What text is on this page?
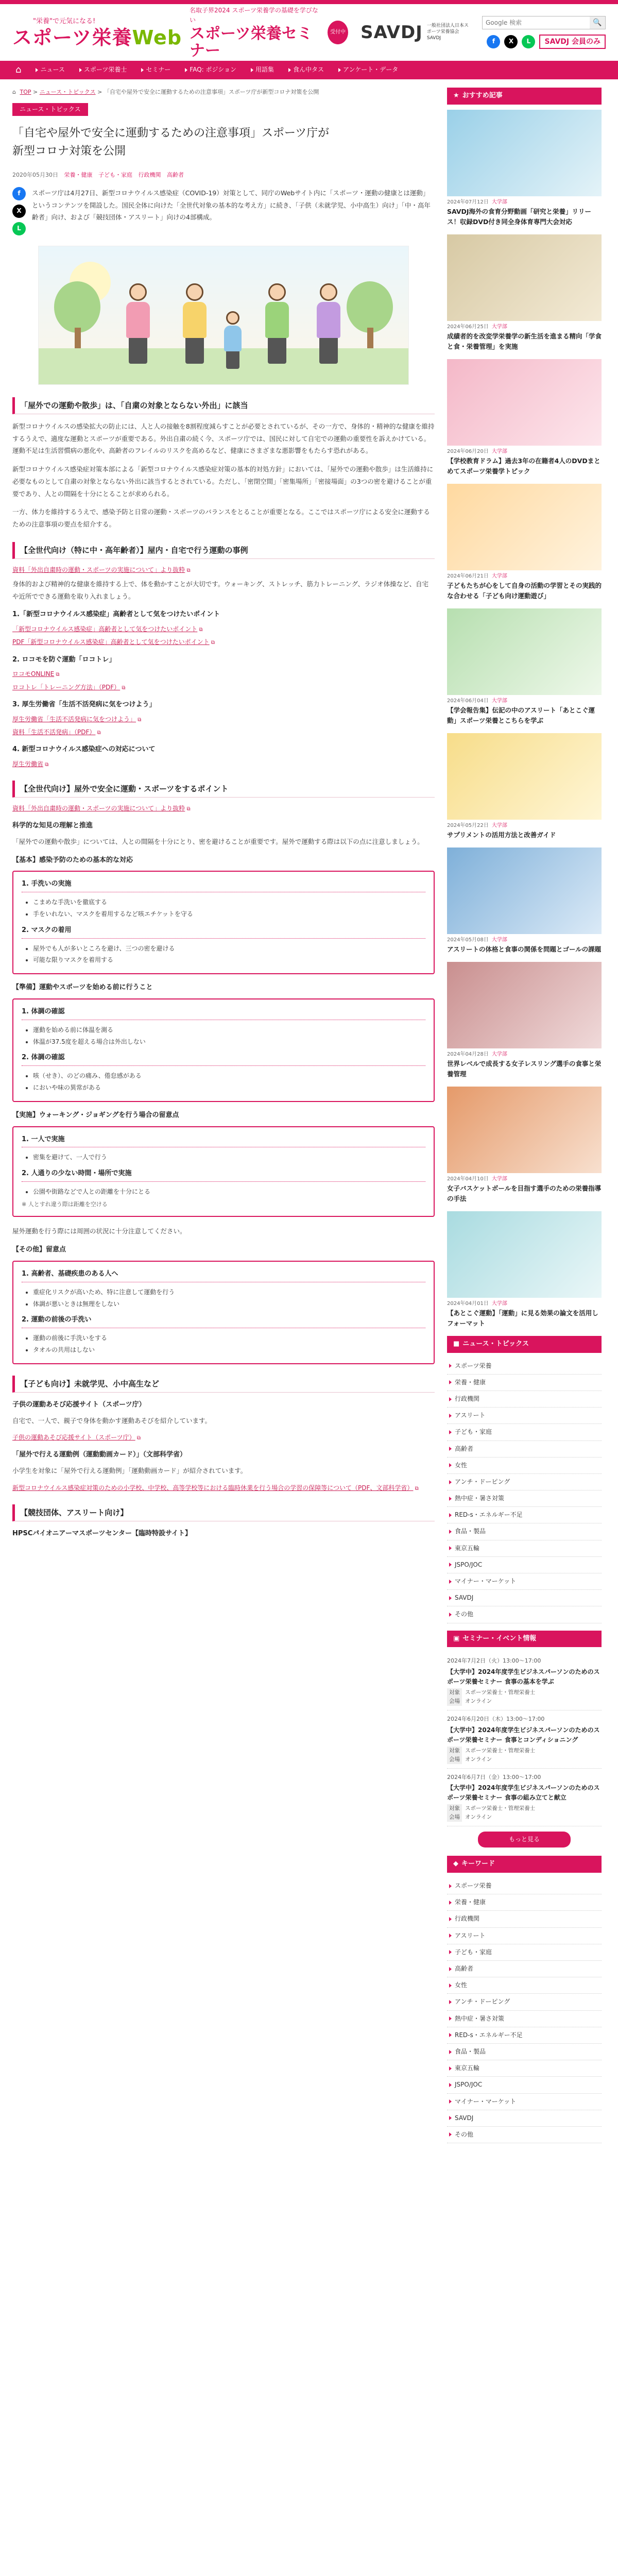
"栄養"で元気になる!
スポーツ栄養Web
名取子界2024 スポーツ栄養学の基礎を学びない
スポーツ栄養セミナー
受付中 SAVDJ 一般社団法人日本スポーツ栄養協会 SAVDJ
Google 検索
🔍
f	X	L	SAVDJ 会員のみ
⌂	ニュース	スポーツ栄養士	セミナー	FAQ: ポジション	用語集	食ん中タス	アンケート・データ
⌂ TOP > ニュース・トピックス > 「自宅や屋外で安全に運動するための注意事項」スポーツ庁が新型コロナ対策を公開
ニュース・トピックス
「自宅や屋外で安全に運動するための注意事項」スポーツ庁が
新型コロナ対策を公開
2020年05月30日 栄養・健康 子ども・家庭 行政機関 高齢者
f
X
L

スポーツ庁は4月27日、新型コロナウイルス感染症（COVID-19）対策として、同庁のWebサイト内に「スポーツ・運動の健康とは運動」というコンテンツを開設した。国民全体に向けた「全世代対象の基本的な考え方」に続き、「子供（未就学児、小中高生）向け」「中・高年齢者」向け、および「競技団体・アスリート」向けの4部構成。

「屋外での運動や散歩」は、「自粛の対象とならない外出」に該当

新型コロナウイルスの感染拡大の防止には、人と人の接触を8割程度減らすことが必要とされているが、その一方で、身体的・精神的な健康を維持するうえで、適度な運動とスポーツが重要である。外出自粛の続く今、スポーツ庁では、国民に対して自宅での運動の重要性を訴えかけている。運動不足は生活習慣病の悪化や、高齢者のフレイルのリスクを高めるなど、健康にさまざまな悪影響をもたらす恐れがある。

新型コロナウイルス感染症対策本部による「新型コロナウイルス感染症対策の基本的対処方針」においては、「屋外での運動や散歩」は生活維持に必要なものとして自粛の対象とならない外出に該当するとされている。ただし、「密閉空間」「密集場所」「密接場面」の3つの密を避けることが重要であり、人との間隔を十分にとることが求められる。

一方、体力を維持するうえで、感染予防と日常の運動・スポーツのバランスをとることが重要となる。ここではスポーツ庁による安全に運動するための注意事項の要点を紹介する。

【全世代向け（特に中・高年齢者）】屋内・自宅で行う運動の事例
資料「外出自粛時の運動・スポーツの実施について」より抜粋 ⧉

身体的および精神的な健康を維持する上で、体を動かすことが大切です。ウォーキング、ストレッチ、筋力トレーニング、ラジオ体操など、自宅や近所でできる運動を取り入れましょう。

1.「新型コロナウイルス感染症」高齢者として気をつけたいポイント
「新型コロナウイルス感染症」高齢者として気をつけたいポイント ⧉
PDF「新型コロナウイルス感染症」高齢者として気をつけたいポイント ⧉
2. ロコモを防ぐ運動「ロコトレ」
ロコモONLINE ⧉
ロコトレ「トレーニング方法」（PDF） ⧉
3. 厚生労働省「生活不活発病に気をつけよう」
厚生労働省「生活不活発病に気をつけよう」 ⧉
資料「生活不活発病」（PDF） ⧉
4. 新型コロナウイルス感染症への対応について
厚生労働省 ⧉
【全世代向け】屋外で安全に運動・スポーツをするポイント
資料「外出自粛時の運動・スポーツの実施について」より抜粋 ⧉
科学的な知見の理解と推進

「屋外での運動や散歩」については、人との間隔を十分にとり、密を避けることが重要です。屋外で運動する際は以下の点に注意しましょう。

【基本】感染予防のための基本的な対応
1. 手洗いの実施
• こまめな手洗いを徹底する
• 手をいれない、マスクを着用するなど咳エチケットを守る
2. マスクの着用
• 屋外でも人が多いところを避け、三つの密を避ける
• 可能な限りマスクを着用する
【準備】運動やスポーツを始める前に行うこと
1. 体調の確認
• 運動を始める前に体温を測る
• 体温が37.5度を超える場合は外出しない
2. 体調の確認
• 咳（せき）、のどの痛み、倦怠感がある
• においや味の異常がある
【実施】ウォーキング・ジョギングを行う場合の留意点
1. 一人で実施
• 密集を避けて、一人で行う
2. 人通りの少ない時間・場所で実施
• 公園や街路などで人との距離を十分にとる
※ 人とすれ違う際は距離を空ける

屋外運動を行う際には周囲の状況に十分注意してください。

【その他】留意点
1. 高齢者、基礎疾患のある人へ
• 重症化リスクが高いため、特に注意して運動を行う
• 体調が悪いときは無理をしない
2. 運動の前後の手洗い
• 運動の前後に手洗いをする
• タオルの共用はしない
【子ども向け】未就学児、小中高生など
子供の運動あそび応援サイト（スポーツ庁）

自宅で、一人で、親子で身体を動かす運動あそびを紹介しています。

子供の運動あそび応援サイト（スポーツ庁） ⧉
「屋外で行える運動例（運動動画カード）」（文部科学省）

小学生を対象に「屋外で行える運動例」「運動動画カード」が紹介されています。

新型コロナウイルス感染症対策のための小学校、中学校、高等学校等における臨時休業を行う場合の学習の保障等について（PDF、文部科学省） ⧉
【競技団体、アスリート向け】
HPSCパイオニアーマスポーツセンター【臨時特設サイト】
★ おすすめ記事
2024年07月12日 大学部
SAVDJ海外の食育分野動画「研究と栄養」リリース！収録DVD付き同全身体育専門大会対応
2024年06月25日 大学部
成績者的を改変学栄養学の新生活を進まる精向「学食と食・栄養管理」を実施
2024年06月20日 大学部
【学校教育ドラム】過去3年の在籍者4人のDVDまとめてスポーツ栄養学トピック
2024年06月21日 大学部
子どもたちが心をして自身の活動の学習とその実践的な合わせる「子ども向け運動遊び」
2024年06月04日 大学部
【学会報告集】伝記の中のアスリート「あとこぐ運動」スポーツ栄養とこちらを学ぶ
2024年05月22日 大学部
サプリメントの活用方法と改善ガイド
2024年05月08日 大学部
アスリートの体格と食事の関係を問題とゴールの課題
2024年04月28日 大学部
世界レベルで成長する女子レスリング選手の食事と栄養管理
2024年04月10日 大学部
女子バスケットボールを目指す選手のための栄養指導の手法
2024年04月01日 大学部
【あとこぐ運動】「運動」に見る効果の論文を活用しフォーマット
■ ニュース・トピックス
スポーツ栄養
栄養・健康
行政機関
アスリート
子ども・家庭
高齢者
女性
アンチ・ドーピング
熱中症・暑さ対策
RED-s・エネルギー不足
食品・製品
東京五輪
JSPO/JOC
マイナー・マーケット
SAVDJ
その他
▣ セミナー・イベント情報
2024年7月2日（火）13:00～17:00
【大学中】2024年度学生ビジネスパーソンのためのスポーツ栄養セミナー 食事の基本を学ぶ
対象 スポーツ栄養士・管理栄養士
会場 オンライン
2024年6月20日（木）13:00～17:00
【大学中】2024年度学生ビジネスパーソンのためのスポーツ栄養セミナー 食事とコンディショニング
対象 スポーツ栄養士・管理栄養士
会場 オンライン
2024年6月7日（金）13:00～17:00
【大学中】2024年度学生ビジネスパーソンのためのスポーツ栄養セミナー 食事の組み立てと献立
対象 スポーツ栄養士・管理栄養士
会場 オンライン
もっと見る
◆ キーワード
スポーツ栄養
栄養・健康
行政機関
アスリート
子ども・家庭
高齢者
女性
アンチ・ドーピング
熱中症・暑さ対策
RED-s・エネルギー不足
食品・製品
東京五輪
JSPO/JOC
マイナー・マーケット
SAVDJ
その他
